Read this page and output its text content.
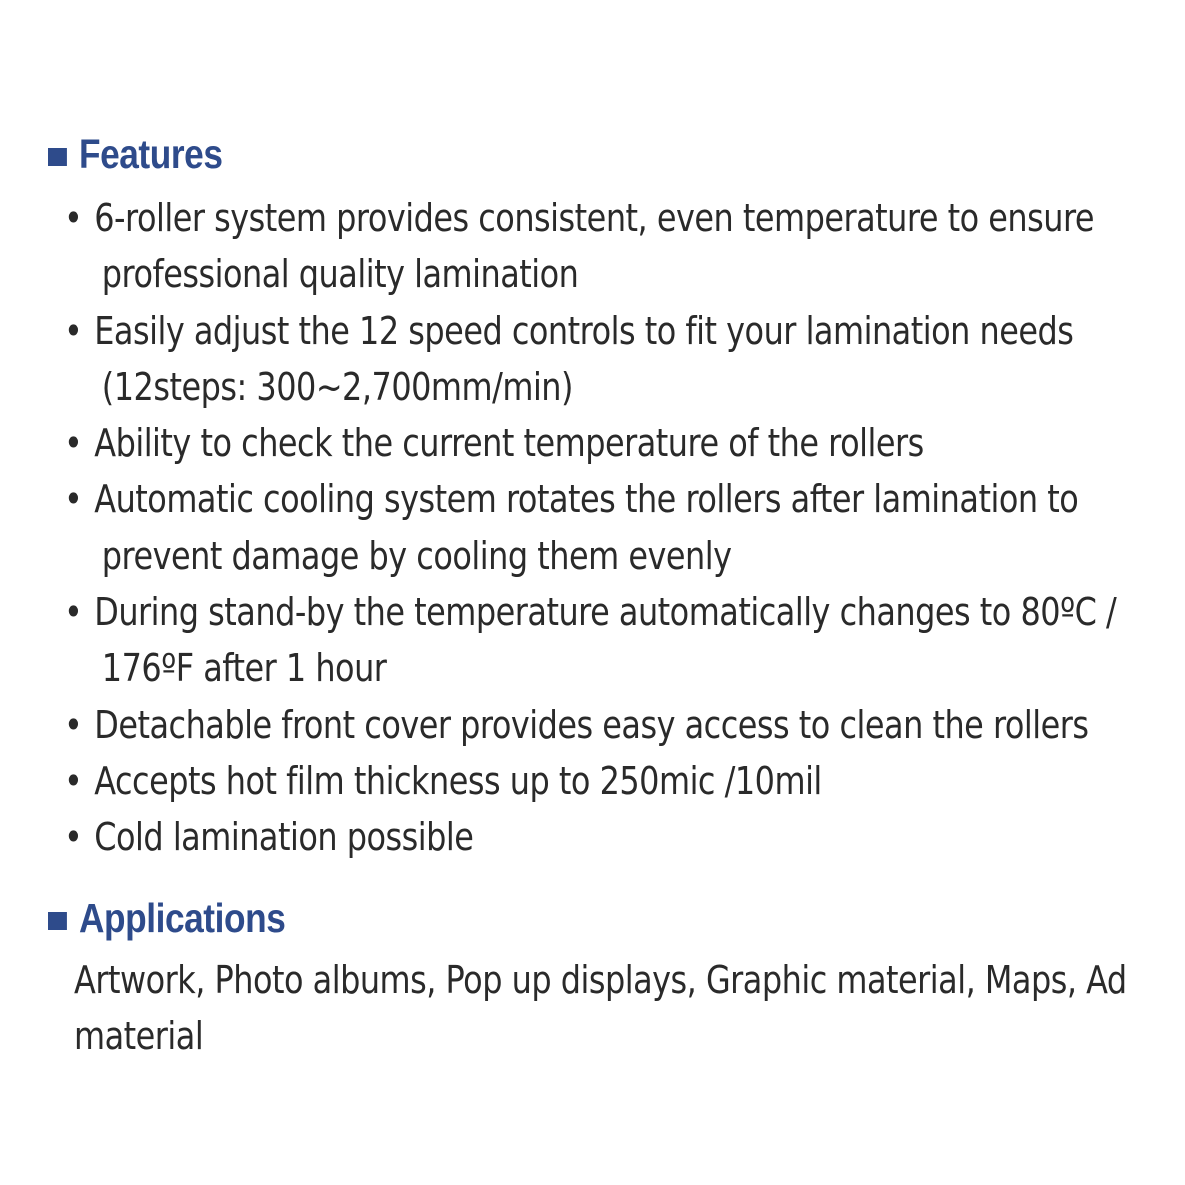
Features
• 6-roller system provides consistent, even temperature to ensure
professional quality lamination
• Easily adjust the 12 speed controls to fit your lamination needs
(12steps: 300~2,700mm/min)
• Ability to check the current temperature of the rollers
• Automatic cooling system rotates the rollers after lamination to
prevent damage by cooling them evenly
• During stand-by the temperature automatically changes to 80ºC /
176ºF after 1 hour
• Detachable front cover provides easy access to clean the rollers
• Accepts hot film thickness up to 250mic /10mil
• Cold lamination possible
Applications

Artwork, Photo albums, Pop up displays, Graphic material, Maps, Ad
material
